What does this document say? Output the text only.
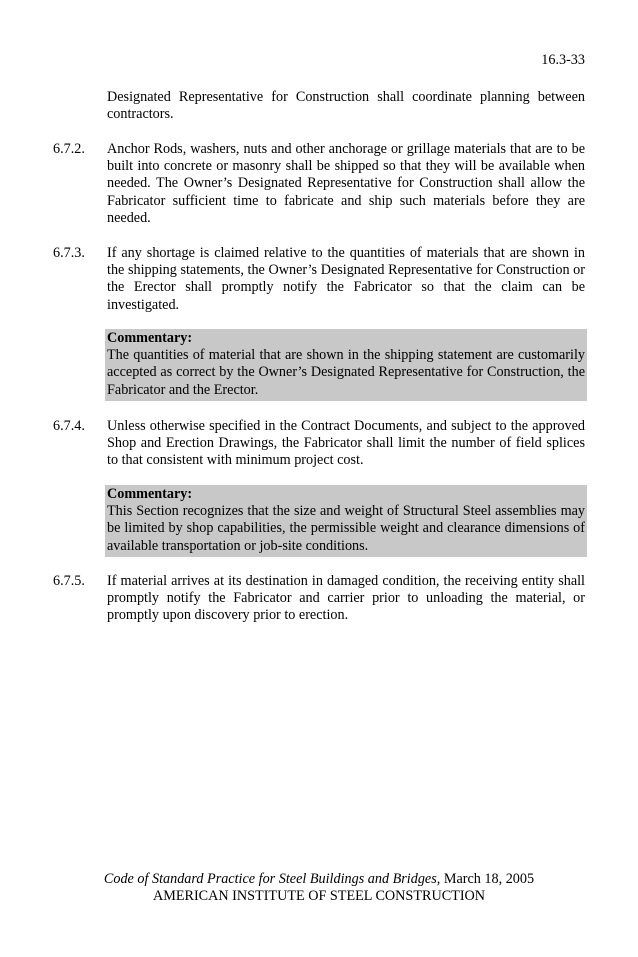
16.3-33
Designated Representative for Construction shall coordinate planning between contractors.
6.7.2. Anchor Rods, washers, nuts and other anchorage or grillage materials that are to be built into concrete or masonry shall be shipped so that they will be available when needed. The Owner’s Designated Representative for Construction shall allow the Fabricator sufficient time to fabricate and ship such materials before they are needed.
6.7.3. If any shortage is claimed relative to the quantities of materials that are shown in the shipping statements, the Owner’s Designated Representative for Construction or the Erector shall promptly notify the Fabricator so that the claim can be investigated.
Commentary:
The quantities of material that are shown in the shipping statement are customarily accepted as correct by the Owner’s Designated Representative for Construction, the Fabricator and the Erector.
6.7.4. Unless otherwise specified in the Contract Documents, and subject to the approved Shop and Erection Drawings, the Fabricator shall limit the number of field splices to that consistent with minimum project cost.
Commentary:
This Section recognizes that the size and weight of Structural Steel assemblies may be limited by shop capabilities, the permissible weight and clearance dimensions of available transportation or job-site conditions.
6.7.5. If material arrives at its destination in damaged condition, the receiving entity shall promptly notify the Fabricator and carrier prior to unloading the material, or promptly upon discovery prior to erection.
Code of Standard Practice for Steel Buildings and Bridges, March 18, 2005
AMERICAN INSTITUTE OF STEEL CONSTRUCTION
